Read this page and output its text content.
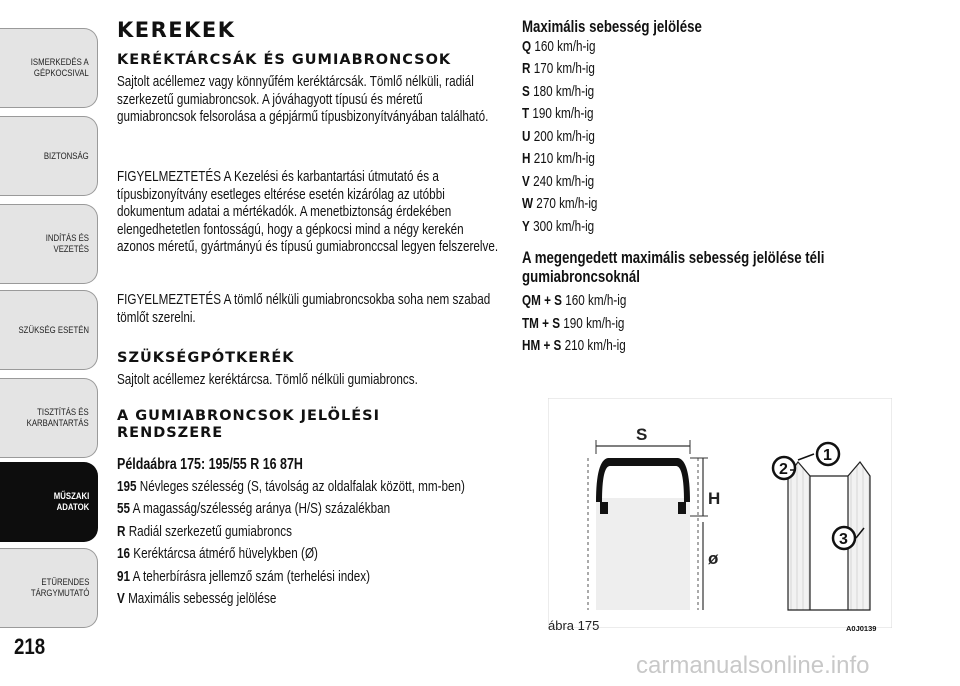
ISMERKEDÉS A
GÉPKOCSIVAL
BIZTONSÁG
INDÍTÁS ÉS VEZETÉS
SZÜKSÉG ESETÉN
TISZTÍTÁS ÉS
KARBANTARTÁS
MŰSZAKI
ADATOK
ETŰRENDES
TÁRGYMUTATÓ
218
KEREKEK
KERÉKTÁRCSÁK ÉS GUMIABRONCSOK
Sajtolt acéllemez vagy könnyűfém keréktárcsák. Tömlő nélküli, radiál szerkezetű gumiabroncsok. A jóváhagyott típusú és méretű gumiabroncsok felsorolása a gépjármű típusbizonyítványában található.
FIGYELMEZTETÉS A Kezelési és karbantartási útmutató és a típusbizonyítvány esetleges eltérése esetén kizárólag az utóbbi dokumentum adatai a mértékadók. A menetbiztonság érdekében elengedhetetlen fontosságú, hogy a gépkocsi mind a négy kerekén azonos méretű, gyártmányú és típusú gumiabronccsal legyen felszerelve.
FIGYELMEZTETÉS A tömlő nélküli gumiabroncsokba soha nem szabad tömlőt szerelni.
SZÜKSÉGPÓTKERÉK
Sajtolt acéllemez keréktárcsa. Tömlő nélküli gumiabroncs.
A GUMIABRONCSOK JELÖLÉSI RENDSZERE
Példaábra 175: 195/55 R 16 87H
195 Névleges szélesség (S, távolság az oldalfalak között, mm-ben)
55 A magasság/szélesség aránya (H/S) százalékban
R Radiál szerkezetű gumiabroncs
16 Keréktárcsa átmérő hüvelykben (Ø)
91 A teherbírásra jellemző szám (terhelési index)
V Maximális sebesség jelölése
Maximális sebesség jelölése
Q 160 km/h-ig
R 170 km/h-ig
S 180 km/h-ig
T 190 km/h-ig
U 200 km/h-ig
H 210 km/h-ig
V 240 km/h-ig
W 270 km/h-ig
Y 300 km/h-ig
A megengedett maximális sebesség jelölése téli gumiabroncsoknál
QM + S 160 km/h-ig
TM + S 190 km/h-ig
HM + S 210 km/h-ig
S
H
ø
1
2
3
ábra 175	A0J0139
carmanualsonline.info
